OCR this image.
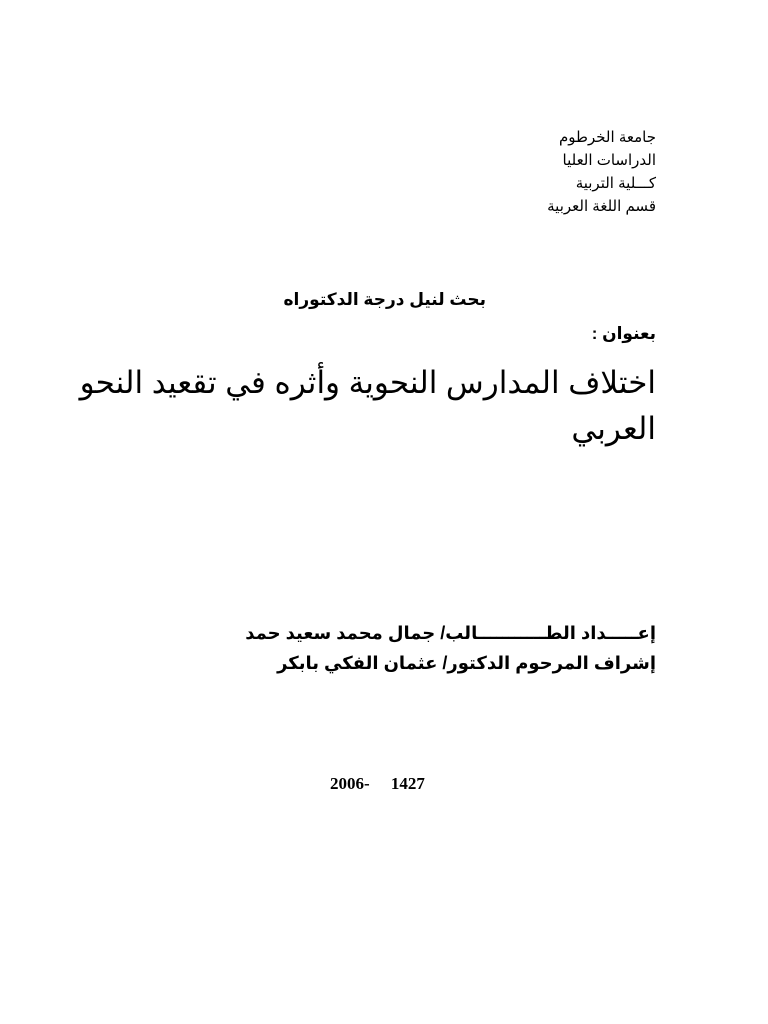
جامعة الخرطوم
الدراسات العليا
كـــلية التربية
قسم اللغة العربية
بحث لنيل درجة الدكتوراه
بعنوان :
اختلاف المدارس النحوية وأثره في تقعيد النحو
العربي
إعـــــداد الطـــــــــــالب/ جمال محمد سعيد حمد
إشراف المرحوم الدكتور/ عثمان الفكي بابكر
2006- 1427
